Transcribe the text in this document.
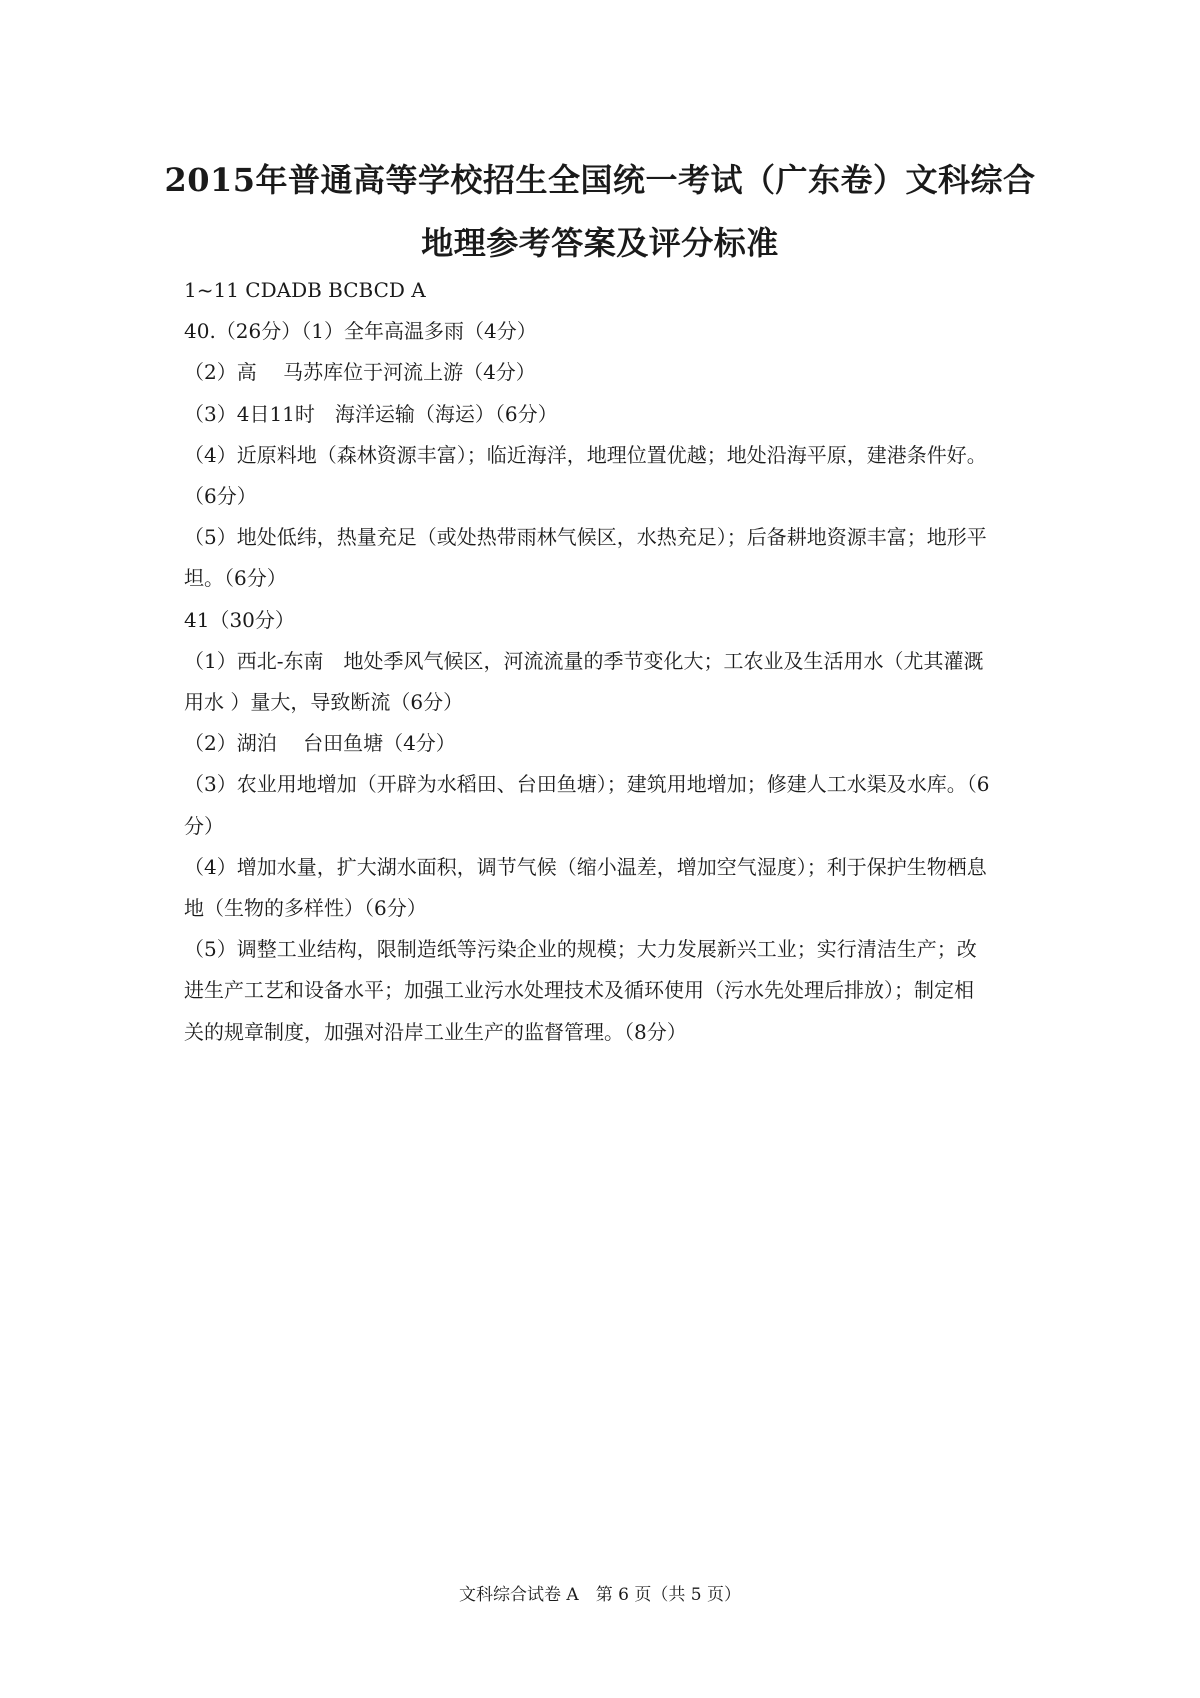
2015年普通高等学校招生全国统一考试（广东卷）文科综合
地理参考答案及评分标准
1~11 CDADB BCBCD A
40.（26分）（1）全年高温多雨（4分）
（2）高　 马苏库位于河流上游（4分）
（3）4日11时　海洋运输（海运）（6分）
（4）近原料地（森林资源丰富）；临近海洋，地理位置优越；地处沿海平原，建港条件好。
（6分）
（5）地处低纬，热量充足（或处热带雨林气候区，水热充足）；后备耕地资源丰富；地形平
坦。（6分）
41（30分）
（1）西北-东南　地处季风气候区，河流流量的季节变化大；工农业及生活用水（尤其灌溉
用水 ）量大，导致断流（6分）
（2）湖泊　 台田鱼塘（4分）
（3）农业用地增加（开辟为水稻田、台田鱼塘）；建筑用地增加；修建人工水渠及水库。（6
分）
（4）增加水量，扩大湖水面积，调节气候（缩小温差，增加空气湿度）；利于保护生物栖息
地（生物的多样性）（6分）
（5）调整工业结构，限制造纸等污染企业的规模；大力发展新兴工业；实行清洁生产；改
进生产工艺和设备水平；加强工业污水处理技术及循环使用（污水先处理后排放）；制定相
关的规章制度，加强对沿岸工业生产的监督管理。（8分）
文科综合试卷 A　第 6 页（共 5 页）
